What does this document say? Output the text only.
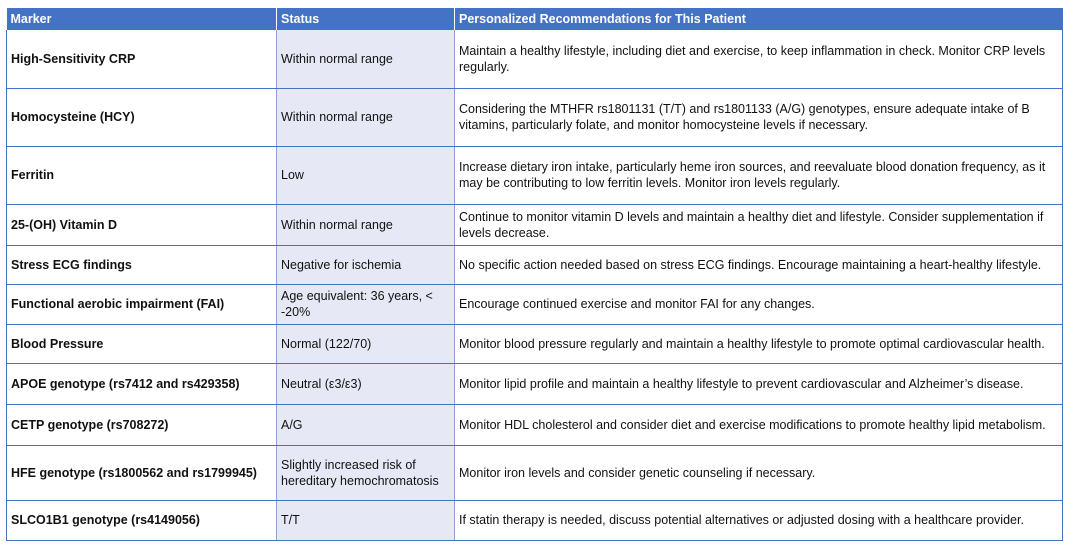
Marker	Status	Personalized Recommendations for This Patient
High-Sensitivity CRP	Within normal range	Maintain a healthy lifestyle, including diet and exercise, to keep inflammation in check. Monitor CRP levels regularly.
Homocysteine (HCY)	Within normal range	Considering the MTHFR rs1801131 (T/T) and rs1801133 (A/G) genotypes, ensure adequate intake of B vitamins, particularly folate, and monitor homocysteine levels if necessary.
Ferritin	Low	Increase dietary iron intake, particularly heme iron sources, and reevaluate blood donation frequency, as it may be contributing to low ferritin levels. Monitor iron levels regularly.
25-(OH) Vitamin D	Within normal range	Continue to monitor vitamin D levels and maintain a healthy diet and lifestyle. Consider supplementation if levels decrease.
Stress ECG findings	Negative for ischemia	No specific action needed based on stress ECG findings. Encourage maintaining a heart-healthy lifestyle.
Functional aerobic impairment (FAI)	Age equivalent: 36 years, < -20%	Encourage continued exercise and monitor FAI for any changes.
Blood Pressure	Normal (122/70)	Monitor blood pressure regularly and maintain a healthy lifestyle to promote optimal cardiovascular health.
APOE genotype (rs7412 and rs429358)	Neutral (ε3/ε3)	Monitor lipid profile and maintain a healthy lifestyle to prevent cardiovascular and Alzheimer’s disease.
CETP genotype (rs708272)	A/G	Monitor HDL cholesterol and consider diet and exercise modifications to promote healthy lipid metabolism.
HFE genotype (rs1800562 and rs1799945)	Slightly increased risk of hereditary hemochromatosis	Monitor iron levels and consider genetic counseling if necessary.
SLCO1B1 genotype (rs4149056)	T/T	If statin therapy is needed, discuss potential alternatives or adjusted dosing with a healthcare provider.
